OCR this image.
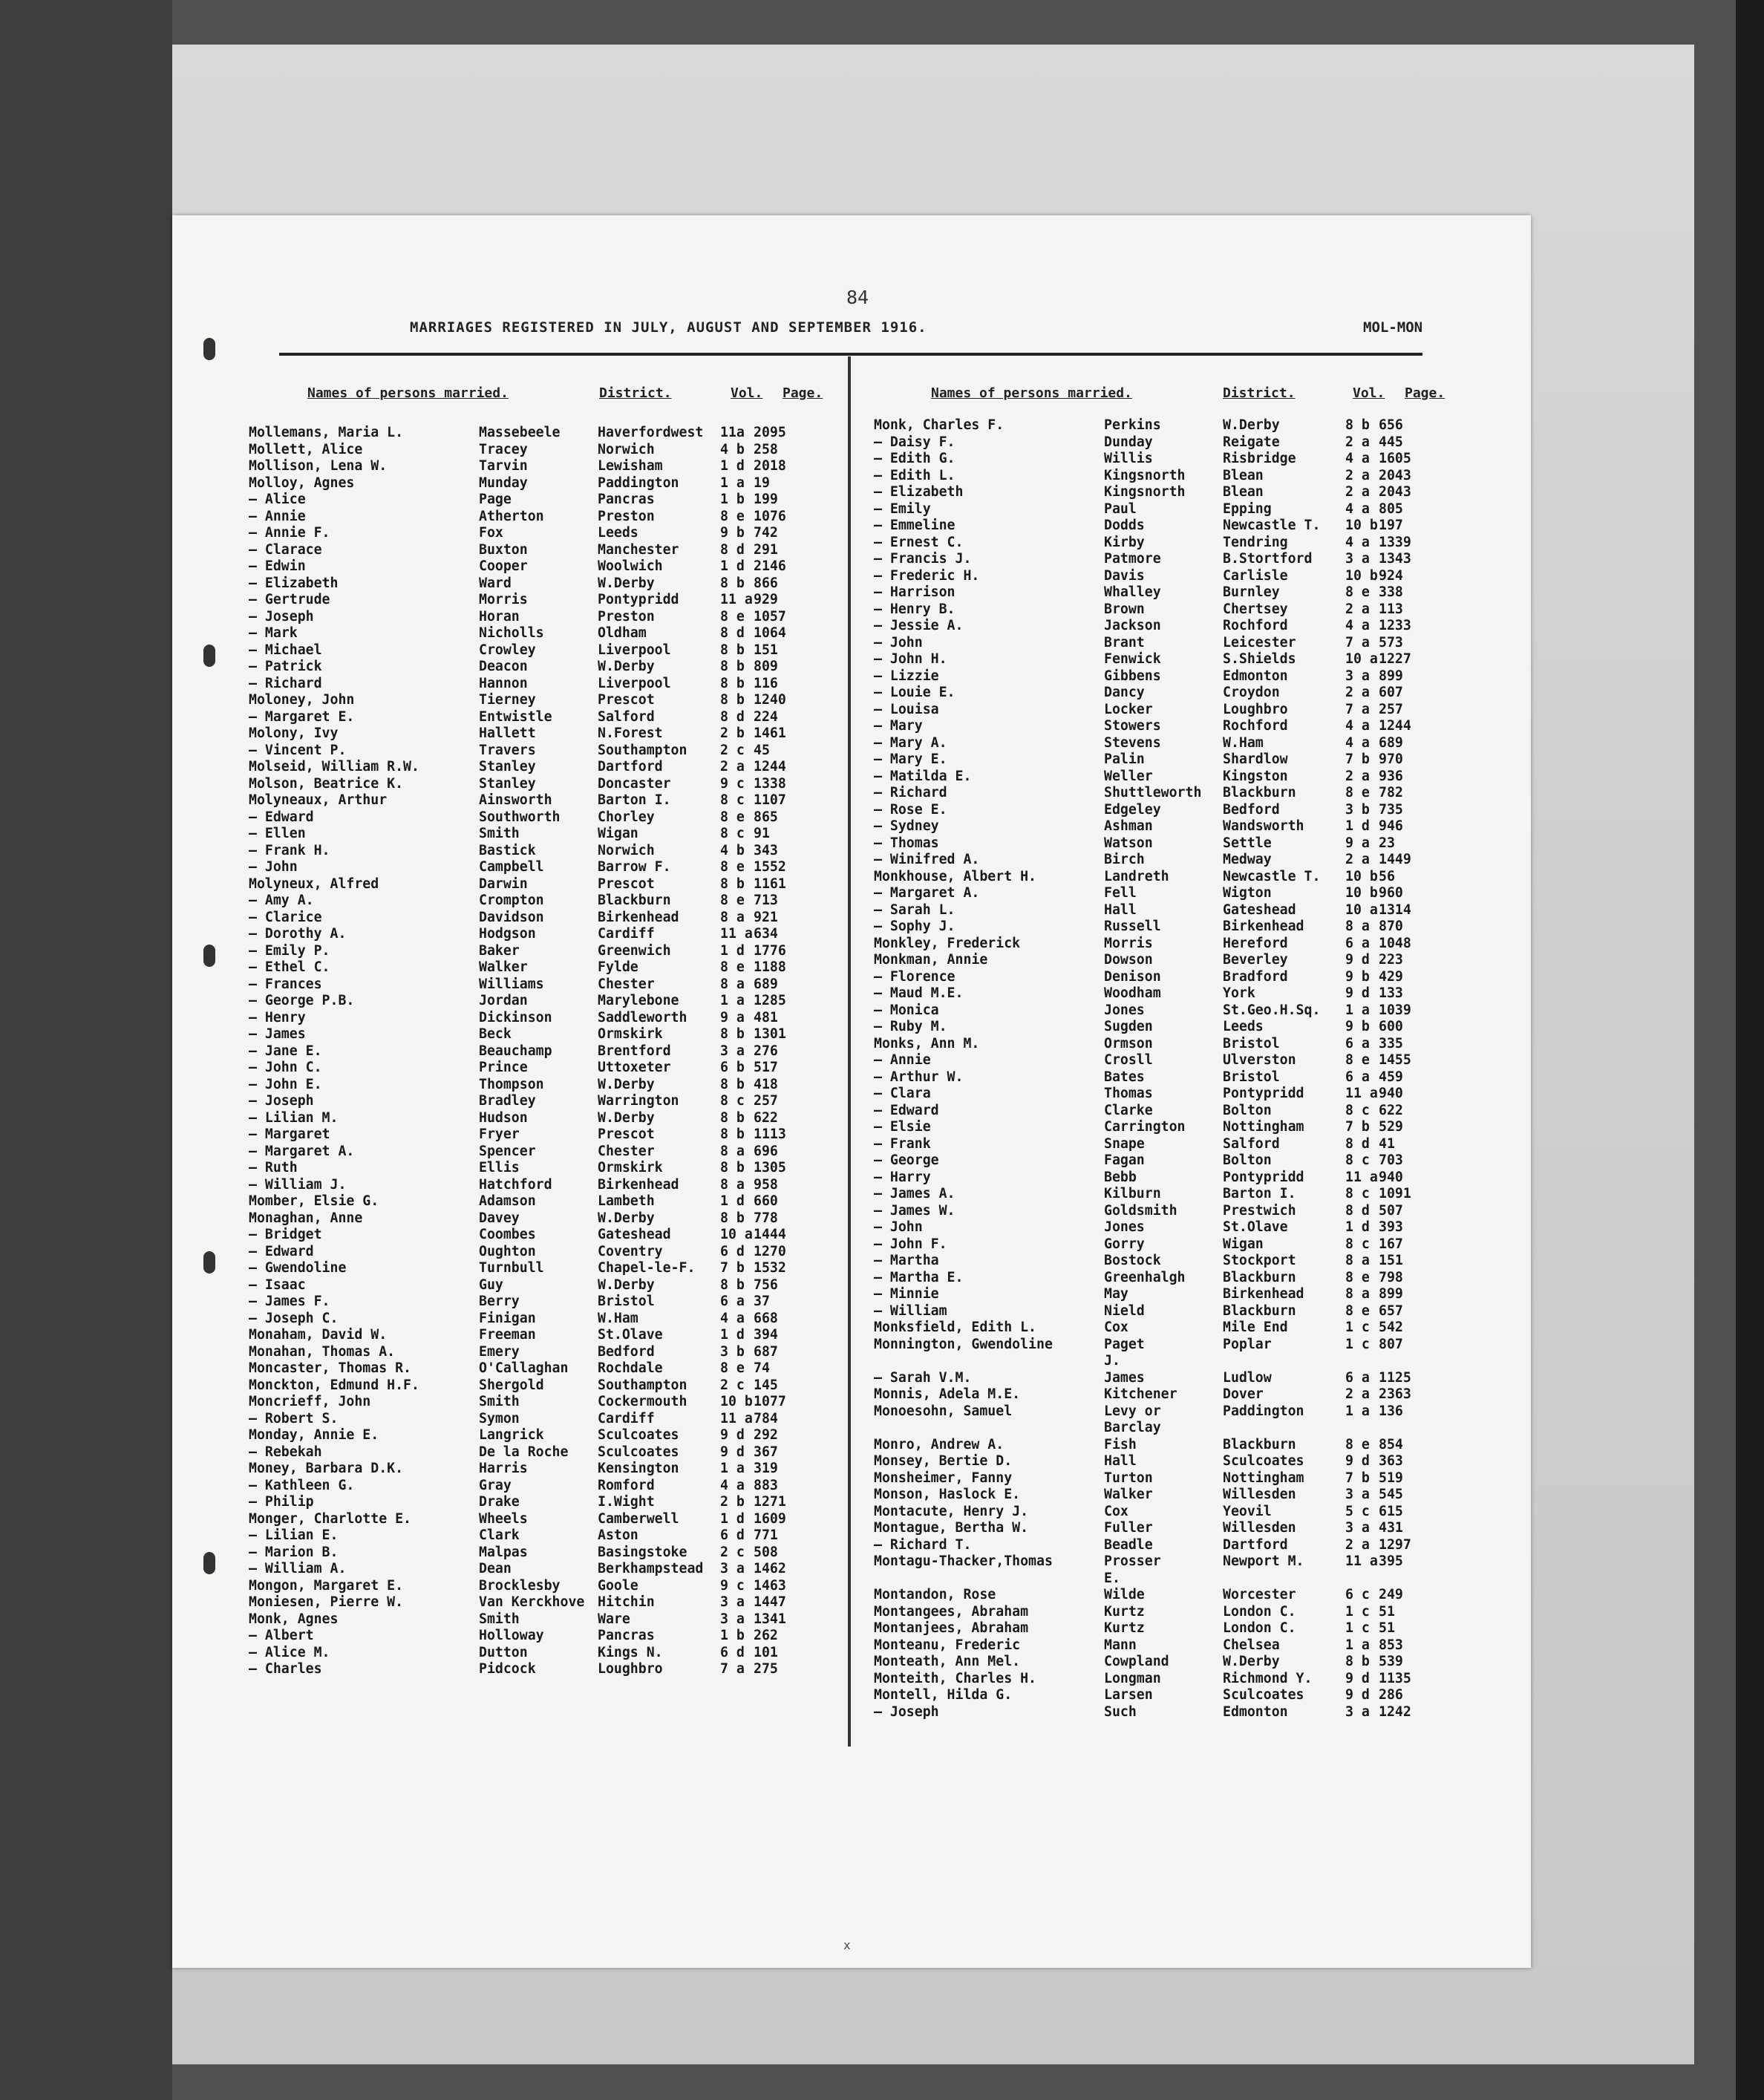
84
MARRIAGES REGISTERED IN JULY, AUGUST AND SEPTEMBER 1916.	MOL-MON
Names of persons married.	District.	Vol. Page.	Names of persons married.	District.	Vol. Page.
Mollemans, Maria L.	Massebeele	Haverfordwest 11a 2095
Mollett, Alice	Tracey	Norwich	4 b 258
Mollison, Lena W.	Tarvin	Lewisham	1 d 2018
Molloy, Agnes	Munday	Paddington	1 a 19
— Alice	Page	Pancras	1 b 199
— Annie	Atherton	Preston	8 e 1076
— Annie F.	Fox	Leeds	9 b 742
— Clarace	Buxton	Manchester	8 d 291
— Edwin	Cooper	Woolwich	1 d 2146
— Elizabeth	Ward	W.Derby	8 b 866
— Gertrude	Morris	Pontypridd	11 a 929
— Joseph	Horan	Preston	8 e 1057
— Mark	Nicholls	Oldham	8 d 1064
— Michael	Crowley	Liverpool	8 b 151
— Patrick	Deacon	W.Derby	8 b 809
— Richard	Hannon	Liverpool	8 b 116
Moloney, John	Tierney	Prescot	8 b 1240
— Margaret E.	Entwistle	Salford	8 d 224
Molony, Ivy	Hallett	N.Forest	2 b 1461
— Vincent P.	Travers	Southampton 2 c 45
Molseid, William R.W.	Stanley	Dartford	2 a 1244
Molson, Beatrice K.	Stanley	Doncaster	9 c 1338
Molyneaux, Arthur	Ainsworth	Barton I.	8 c 1107
— Edward	Southworth	Chorley	8 e 865
— Ellen	Smith	Wigan	8 c 91
— Frank H.	Bastick	Norwich	4 b 343
— John	Campbell	Barrow F.	8 e 1552
Molyneux, Alfred	Darwin	Prescot	8 b 1161
— Amy A.	Crompton	Blackburn	8 e 713
— Clarice	Davidson	Birkenhead	8 a 921
— Dorothy A.	Hodgson	Cardiff	11 a 634
— Emily P.	Baker	Greenwich	1 d 1776
— Ethel C.	Walker	Fylde	8 e 1188
— Frances	Williams	Chester	8 a 689
— George P.B.	Jordan	Marylebone	1 a 1285
— Henry	Dickinson	Saddleworth 9 a 481
— James	Beck	Ormskirk	8 b 1301
— Jane E.	Beauchamp	Brentford	3 a 276
— John C.	Prince	Uttoxeter	6 b 517
— John E.	Thompson	W.Derby	8 b 418
— Joseph	Bradley	Warrington	8 c 257
— Lilian M.	Hudson	W.Derby	8 b 622
— Margaret	Fryer	Prescot	8 b 1113
— Margaret A.	Spencer	Chester	8 a 696
— Ruth	Ellis	Ormskirk	8 b 1305
— William J.	Hatchford	Birkenhead	8 a 958
Momber, Elsie G.	Adamson	Lambeth	1 d 660
Monaghan, Anne	Davey	W.Derby	8 b 778
— Bridget	Coombes	Gateshead	10 a 1444
— Edward	Oughton	Coventry	6 d 1270
— Gwendoline	Turnbull	Chapel-le-F. 7 b 1532
— Isaac	Guy	W.Derby	8 b 756
— James F.	Berry	Bristol	6 a 37
— Joseph C.	Finigan	W.Ham	4 a 668
Monaham, David W.	Freeman	St.Olave	1 d 394
Monahan, Thomas A.	Emery	Bedford	3 b 687
Moncaster, Thomas R.	O'Callaghan Rochdale	8 e 74
Monckton, Edmund H.F.	Shergold	Southampton 2 c 145
Moncrieff, John	Smith	Cockermouth 10 b 1077
— Robert S.	Symon	Cardiff	11 a 784
Monday, Annie E.	Langrick	Sculcoates	9 d 292
— Rebekah	De la Roche Sculcoates	9 d 367
Money, Barbara D.K.	Harris	Kensington	1 a 319
— Kathleen G.	Gray	Romford	4 a 883
— Philip	Drake	I.Wight	2 b 1271
Monger, Charlotte E.	Wheels	Camberwell	1 d 1609
— Lilian E.	Clark	Aston	6 d 771
— Marion B.	Malpas	Basingstoke 2 c 508
— William A.	Dean	Berkhampstead 3 a 1462
Mongon, Margaret E.	Brocklesby	Goole	9 c 1463
Moniesen, Pierre W.	Van Kerckhove Hitchin	3 a 1447
Monk, Agnes	Smith	Ware	3 a 1341
— Albert	Holloway	Pancras	1 b 262
— Alice M.	Dutton	Kings N.	6 d 101
— Charles	Pidcock	Loughbro	7 a 275
Monk, Charles F.	Perkins	W.Derby	8 b 656
— Daisy F.	Dunday	Reigate	2 a 445
— Edith G.	Willis	Risbridge	4 a 1605
— Edith L.	Kingsnorth	Blean	2 a 2043
— Elizabeth	Kingsnorth	Blean	2 a 2043
— Emily	Paul	Epping	4 a 805
— Emmeline	Dodds	Newcastle T. 10 b 197
— Ernest C.	Kirby	Tendring	4 a 1339
— Francis J.	Patmore	B.Stortford 3 a 1343
— Frederic H.	Davis	Carlisle	10 b 924
— Harrison	Whalley	Burnley	8 e 338
— Henry B.	Brown	Chertsey	2 a 113
— Jessie A.	Jackson	Rochford	4 a 1233
— John	Brant	Leicester	7 a 573
— John H.	Fenwick	S.Shields	10 a 1227
— Lizzie	Gibbens	Edmonton	3 a 899
— Louie E.	Dancy	Croydon	2 a 607
— Louisa	Locker	Loughbro	7 a 257
— Mary	Stowers	Rochford	4 a 1244
— Mary A.	Stevens	W.Ham	4 a 689
— Mary E.	Palin	Shardlow	7 b 970
— Matilda E.	Weller	Kingston	2 a 936
— Richard	Shuttleworth Blackburn	8 e 782
— Rose E.	Edgeley	Bedford	3 b 735
— Sydney	Ashman	Wandsworth	1 d 946
— Thomas	Watson	Settle	9 a 23
— Winifred A.	Birch	Medway	2 a 1449
Monkhouse, Albert H.	Landreth	Newcastle T. 10 b 56
— Margaret A.	Fell	Wigton	10 b 960
— Sarah L.	Hall	Gateshead	10 a 1314
— Sophy J.	Russell	Birkenhead	8 a 870
Monkley, Frederick	Morris	Hereford	6 a 1048
Monkman, Annie	Dowson	Beverley	9 d 223
— Florence	Denison	Bradford	9 b 429
— Maud M.E.	Woodham	York	9 d 133
— Monica	Jones	St.Geo.H.Sq. 1 a 1039
— Ruby M.	Sugden	Leeds	9 b 600
Monks, Ann M.	Ormson	Bristol	6 a 335
— Annie	Crosll	Ulverston	8 e 1455
— Arthur W.	Bates	Bristol	6 a 459
— Clara	Thomas	Pontypridd	11 a 940
— Edward	Clarke	Bolton	8 c 622
— Elsie	Carrington	Nottingham	7 b 529
— Frank	Snape	Salford	8 d 41
— George	Fagan	Bolton	8 c 703
— Harry	Bebb	Pontypridd	11 a 940
— James A.	Kilburn	Barton I.	8 c 1091
— James W.	Goldsmith	Prestwich	8 d 507
— John	Jones	St.Olave	1 d 393
— John F.	Gorry	Wigan	8 c 167
— Martha	Bostock	Stockport	8 a 151
— Martha E.	Greenhalgh	Blackburn	8 e 798
— Minnie	May	Birkenhead	8 a 899
— William	Nield	Blackburn	8 e 657
Monksfield, Edith L.	Cox	Mile End	1 c 542
Monnington, Gwendoline	Paget	Poplar	1 c 807
J.
— Sarah V.M.	James	Ludlow	6 a 1125
Monnis, Adela M.E.	Kitchener	Dover	2 a 2363
Monoesohn, Samuel	Levy or	Paddington	1 a 136
Barclay
Monro, Andrew A.	Fish	Blackburn	8 e 854
Monsey, Bertie D.	Hall	Sculcoates	9 d 363
Monsheimer, Fanny	Turton	Nottingham	7 b 519
Monson, Haslock E.	Walker	Willesden	3 a 545
Montacute, Henry J.	Cox	Yeovil	5 c 615
Montague, Bertha W.	Fuller	Willesden	3 a 431
— Richard T.	Beadle	Dartford	2 a 1297
Montagu-Thacker,Thomas	Prosser	Newport M.	11 a 395
E.
Montandon, Rose	Wilde	Worcester	6 c 249
Montangees, Abraham	Kurtz	London C.	1 c 51
Montanjees, Abraham	Kurtz	London C.	1 c 51
Monteanu, Frederic	Mann	Chelsea	1 a 853
Monteath, Ann Mel.	Cowpland	W.Derby	8 b 539
Monteith, Charles H.	Longman	Richmond Y. 9 d 1135
Montell, Hilda G.	Larsen	Sculcoates	9 d 286
— Joseph	Such	Edmonton	3 a 1242
x
